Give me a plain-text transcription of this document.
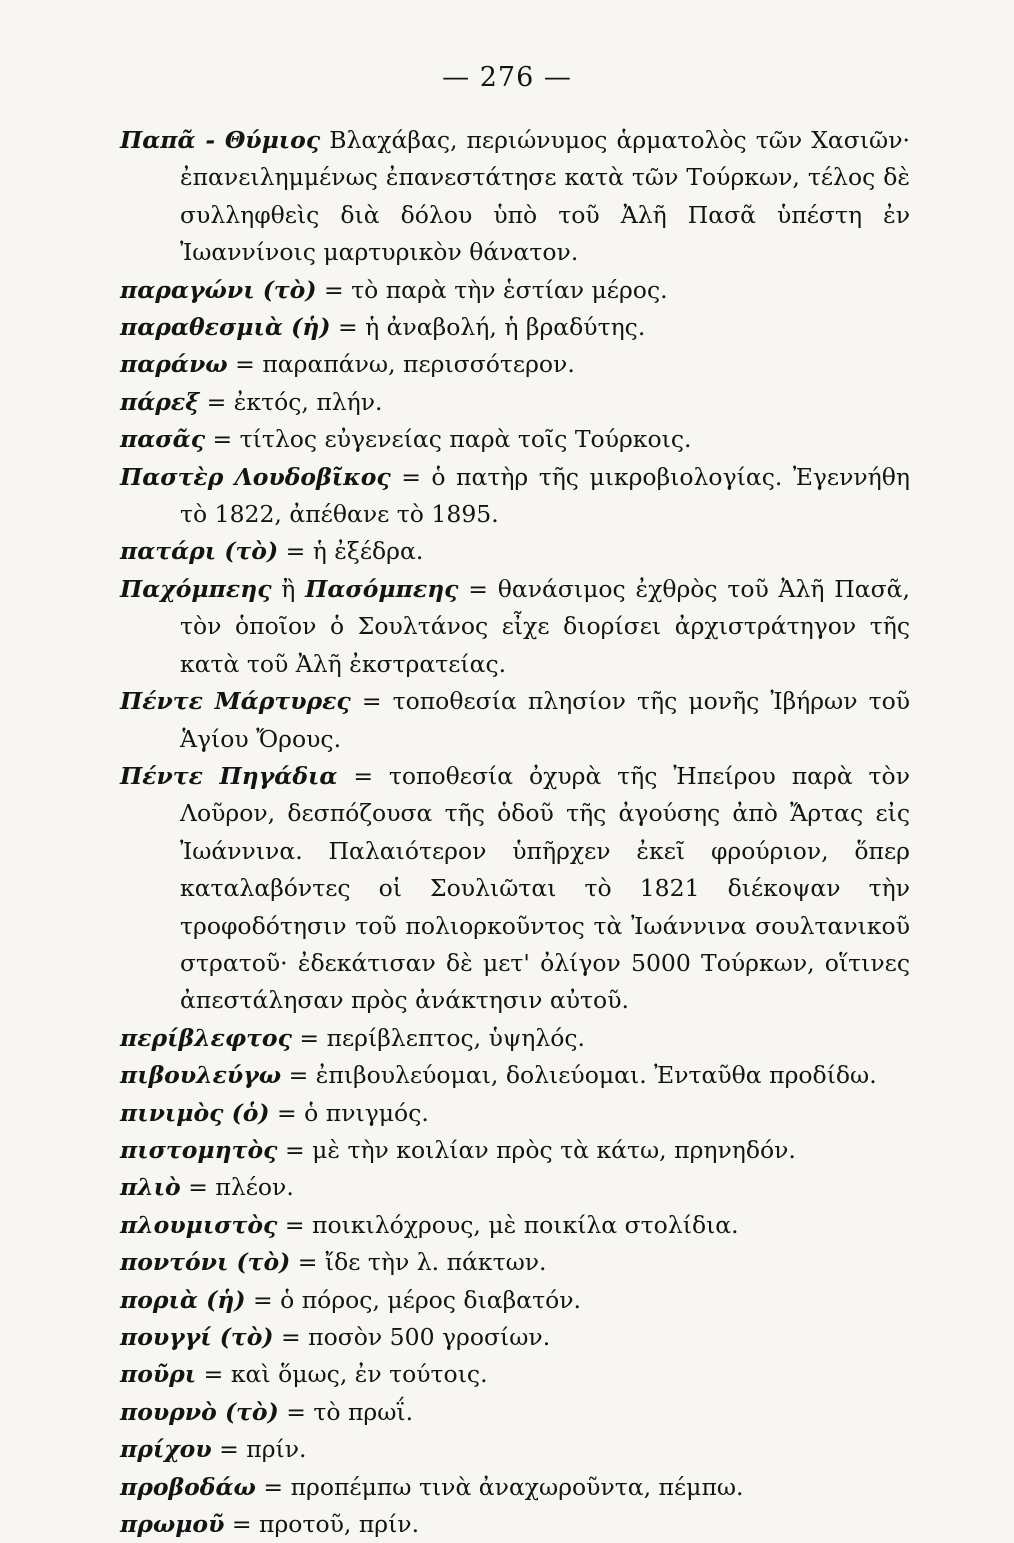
— 276 —

Παπᾶ - Θύμιος Βλαχάβας, περιώνυμος ἁρματολὸς τῶν Χασιῶν· ἐπανειλημμένως ἐπανεστάτησε κατὰ τῶν Τούρκων, τέλος δὲ συλληφθεὶς διὰ δόλου ὑπὸ τοῦ Ἀλῆ Πασᾶ ὑπέστη ἐν Ἰωαννίνοις μαρτυρικὸν θάνατον.

παραγώνι (τὸ) = τὸ παρὰ τὴν ἑστίαν μέρος.

παραθεσμιὰ (ἡ) = ἡ ἀναβολή, ἡ βραδύτης.

παράνω = παραπάνω, περισσότερον.

πάρεξ = ἐκτός, πλήν.

πασᾶς = τίτλος εὐγενείας παρὰ τοῖς Τούρκοις.

Παστὲρ Λουδοβῖκος = ὁ πατὴρ τῆς μικροβιολογίας. Ἐγεννήθη τὸ 1822, ἀπέθανε τὸ 1895.

πατάρι (τὸ) = ἡ ἐξέδρα.

Παχόμπεης ἢ Πασόμπεης = θανάσιμος ἐχθρὸς τοῦ Ἀλῆ Πασᾶ, τὸν ὁποῖον ὁ Σουλτάνος εἶχε διορίσει ἀρχιστράτηγον τῆς κατὰ τοῦ Ἀλῆ ἐκστρατείας.

Πέντε Μάρτυρες = τοποθεσία πλησίον τῆς μονῆς Ἰβήρων τοῦ Ἁγίου Ὄρους.

Πέντε Πηγάδια = τοποθεσία ὀχυρὰ τῆς Ἠπείρου παρὰ τὸν Λοῦρον, δεσπόζουσα τῆς ὁδοῦ τῆς ἀγούσης ἀπὸ Ἄρτας εἰς Ἰωάννινα. Παλαιότερον ὑπῆρχεν ἐκεῖ φρούριον, ὅπερ καταλαβόντες οἱ Σουλιῶται τὸ 1821 διέκοψαν τὴν τροφοδότησιν τοῦ πολιορκοῦντος τὰ Ἰωάννινα σουλτανικοῦ στρατοῦ· ἐδεκάτισαν δὲ μετ' ὀλίγον 5000 Τούρκων, οἵτινες ἀπεστάλησαν πρὸς ἀνάκτησιν αὐτοῦ.

περίβλεφτος = περίβλεπτος, ὑψηλός.

πιβουλεύγω = ἐπιβουλεύομαι, δολιεύομαι. Ἐνταῦθα προδίδω.

πινιμὸς (ὁ) = ὁ πνιγμός.

πιστομητὸς = μὲ τὴν κοιλίαν πρὸς τὰ κάτω, πρηνηδόν.

πλιὸ = πλέον.

πλουμιστὸς = ποικιλόχρους, μὲ ποικίλα στολίδια.

ποντόνι (τὸ) = ἴδε τὴν λ. πάκτων.

ποριὰ (ἡ) = ὁ πόρος, μέρος διαβατόν.

πουγγί (τὸ) = ποσὸν 500 γροσίων.

ποῦρι = καὶ ὅμως, ἐν τούτοις.

πουρνὸ (τὸ) = τὸ πρωΐ.

πρίχου = πρίν.

προβοδάω = προπέμπω τινὰ ἀναχωροῦντα, πέμπω.

πρωμοῦ = προτοῦ, πρίν.
